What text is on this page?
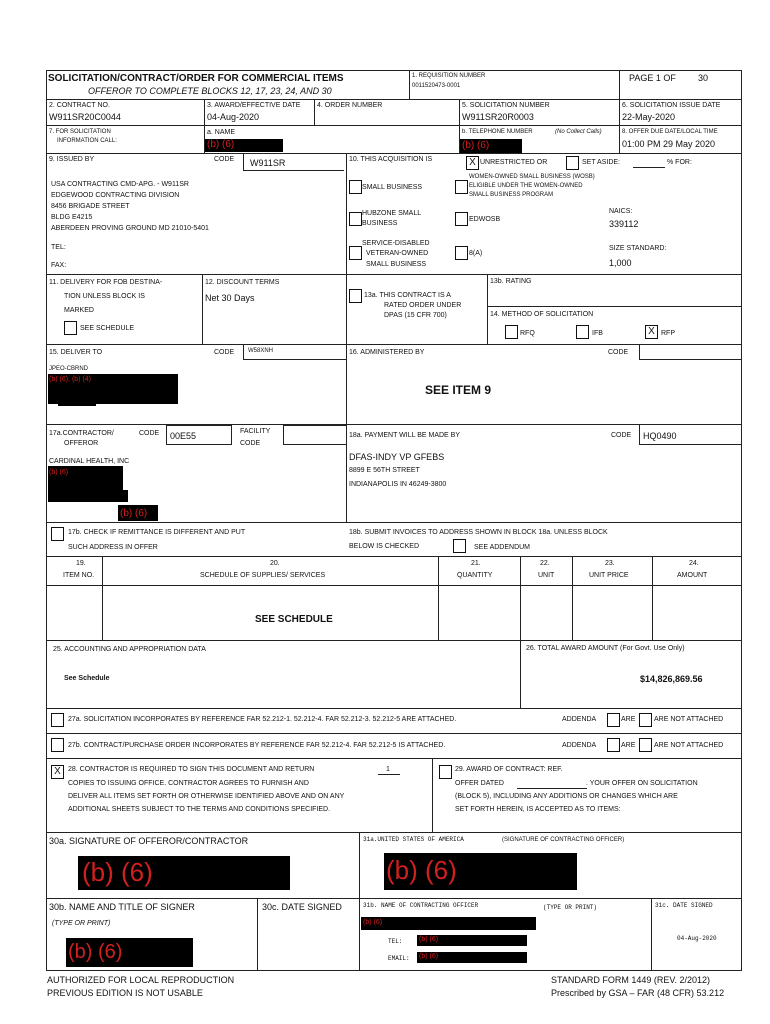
SOLICITATION/CONTRACT/ORDER FOR COMMERCIAL ITEMS
OFFEROR TO COMPLETE BLOCKS 12, 17, 23, 24, AND 30
1. REQUISITION NUMBER
0011520473-0001
PAGE 1 OF 30
2. CONTRACT NO.
W911SR20C0044
3. AWARD/EFFECTIVE DATE
04-Aug-2020
4. ORDER NUMBER	5. SOLICITATION NUMBER
W911SR20R0003
6. SOLICITATION ISSUE DATE
22-May-2020
7. FOR SOLICITATION
INFORMATION CALL:
a. NAME
(b) (6)
b. TELEPHONE NUMBER	(No Collect Calls)
(b) (6)
8. OFFER DUE DATE/LOCAL TIME
01:00 PM 29 May 2020
9. ISSUED BY	CODE W911SR
USA CONTRACTING CMD-APG. - W911SR
EDGEWOOD CONTRACTING DIVISION
8456 BRIGADE STREET
BLDG E4215
ABERDEEN PROVING GROUND MD 21010-5401
TEL:
FAX:
10. THIS ACQUISITION IS	X UNRESTRICTED OR	SET ASIDE:	% FOR:
SMALL BUSINESS
WOMEN-OWNED SMALL BUSINESS (WOSB)
ELIGIBLE UNDER THE WOMEN-OWNED
SMALL BUSINESS PROGRAM
HUBZONE SMALL
BUSINESS
EDWOSB
NAICS:
339112
SERVICE-DISABLED
VETERAN-OWNED
SMALL BUSINESS
8(A)
SIZE STANDARD:
1,000
11. DELIVERY FOR FOB DESTINA-
TION UNLESS BLOCK IS
MARKED
SEE SCHEDULE
12. DISCOUNT TERMS
Net 30 Days	13a. THIS CONTRACT IS A
RATED ORDER UNDER
DPAS (15 CFR 700)
13b. RATING
14. METHOD OF SOLICITATION
RFQ	IFB	X RFP
15. DELIVER TO	CODE W58XNH
JPEO-CBRND
(b) (6), (b) (4)
16. ADMINISTERED BY	CODE
SEE ITEM 9
17a.CONTRACTOR/
OFFEROR
CODE 00E55	FACILITY
CODE
CARDINAL HEALTH, INC
(b) (6)
(b) (6)
18a. PAYMENT WILL BE MADE BY	CODE HQ0490
DFAS-INDY VP GFEBS
8899 E 56TH STREET
INDIANAPOLIS IN 46249-3800
17b. CHECK IF REMITTANCE IS DIFFERENT AND PUT
SUCH ADDRESS IN OFFER
18b. SUBMIT INVOICES TO ADDRESS SHOWN IN BLOCK 18a. UNLESS BLOCK
BELOW IS CHECKED	SEE ADDENDUM
19.
ITEM NO.
20.
SCHEDULE OF SUPPLIES/ SERVICES
21.
QUANTITY
22.
UNIT
23.
UNIT PRICE
24.
AMOUNT
SEE SCHEDULE
25. ACCOUNTING AND APPROPRIATION DATA
See Schedule
26. TOTAL AWARD AMOUNT (For Govt. Use Only)
$14,826,869.56
27a. SOLICITATION INCORPORATES BY REFERENCE FAR 52.212-1. 52.212-4. FAR 52.212-3. 52.212-5 ARE ATTACHED.	ADDENDA	ARE	ARE NOT ATTACHED
27b. CONTRACT/PURCHASE ORDER INCORPORATES BY REFERENCE FAR 52.212-4. FAR 52.212-5 IS ATTACHED.	ADDENDA	ARE	ARE NOT ATTACHED
X	28. CONTRACTOR IS REQUIRED TO SIGN THIS DOCUMENT AND RETURN	1
COPIES TO ISSUING OFFICE. CONTRACTOR AGREES TO FURNISH AND
DELIVER ALL ITEMS SET FORTH OR OTHERWISE IDENTIFIED ABOVE AND ON ANY
ADDITIONAL SHEETS SUBJECT TO THE TERMS AND CONDITIONS SPECIFIED.
29. AWARD OF CONTRACT: REF.
OFFER DATED	. YOUR OFFER ON SOLICITATION
(BLOCK 5), INCLUDING ANY ADDITIONS OR CHANGES WHICH ARE
SET FORTH HEREIN, IS ACCEPTED AS TO ITEMS:
30a. SIGNATURE OF OFFEROR/CONTRACTOR
(b) (6)
31a.UNITED STATES OF AMERICA	(SIGNATURE OF CONTRACTING OFFICER)
(b) (6)
30b. NAME AND TITLE OF SIGNER
(TYPE OR PRINT)
(b) (6)
30c. DATE SIGNED	31b. NAME OF CONTRACTING OFFICER	(TYPE OR PRINT)
(b) (6)
TEL: (b) (6)
EMAIL: (b) (6)
31c. DATE SIGNED
04-Aug-2020
AUTHORIZED FOR LOCAL REPRODUCTION
PREVIOUS EDITION IS NOT USABLE
STANDARD FORM 1449 (REV. 2/2012)
Prescribed by GSA – FAR (48 CFR) 53.212
